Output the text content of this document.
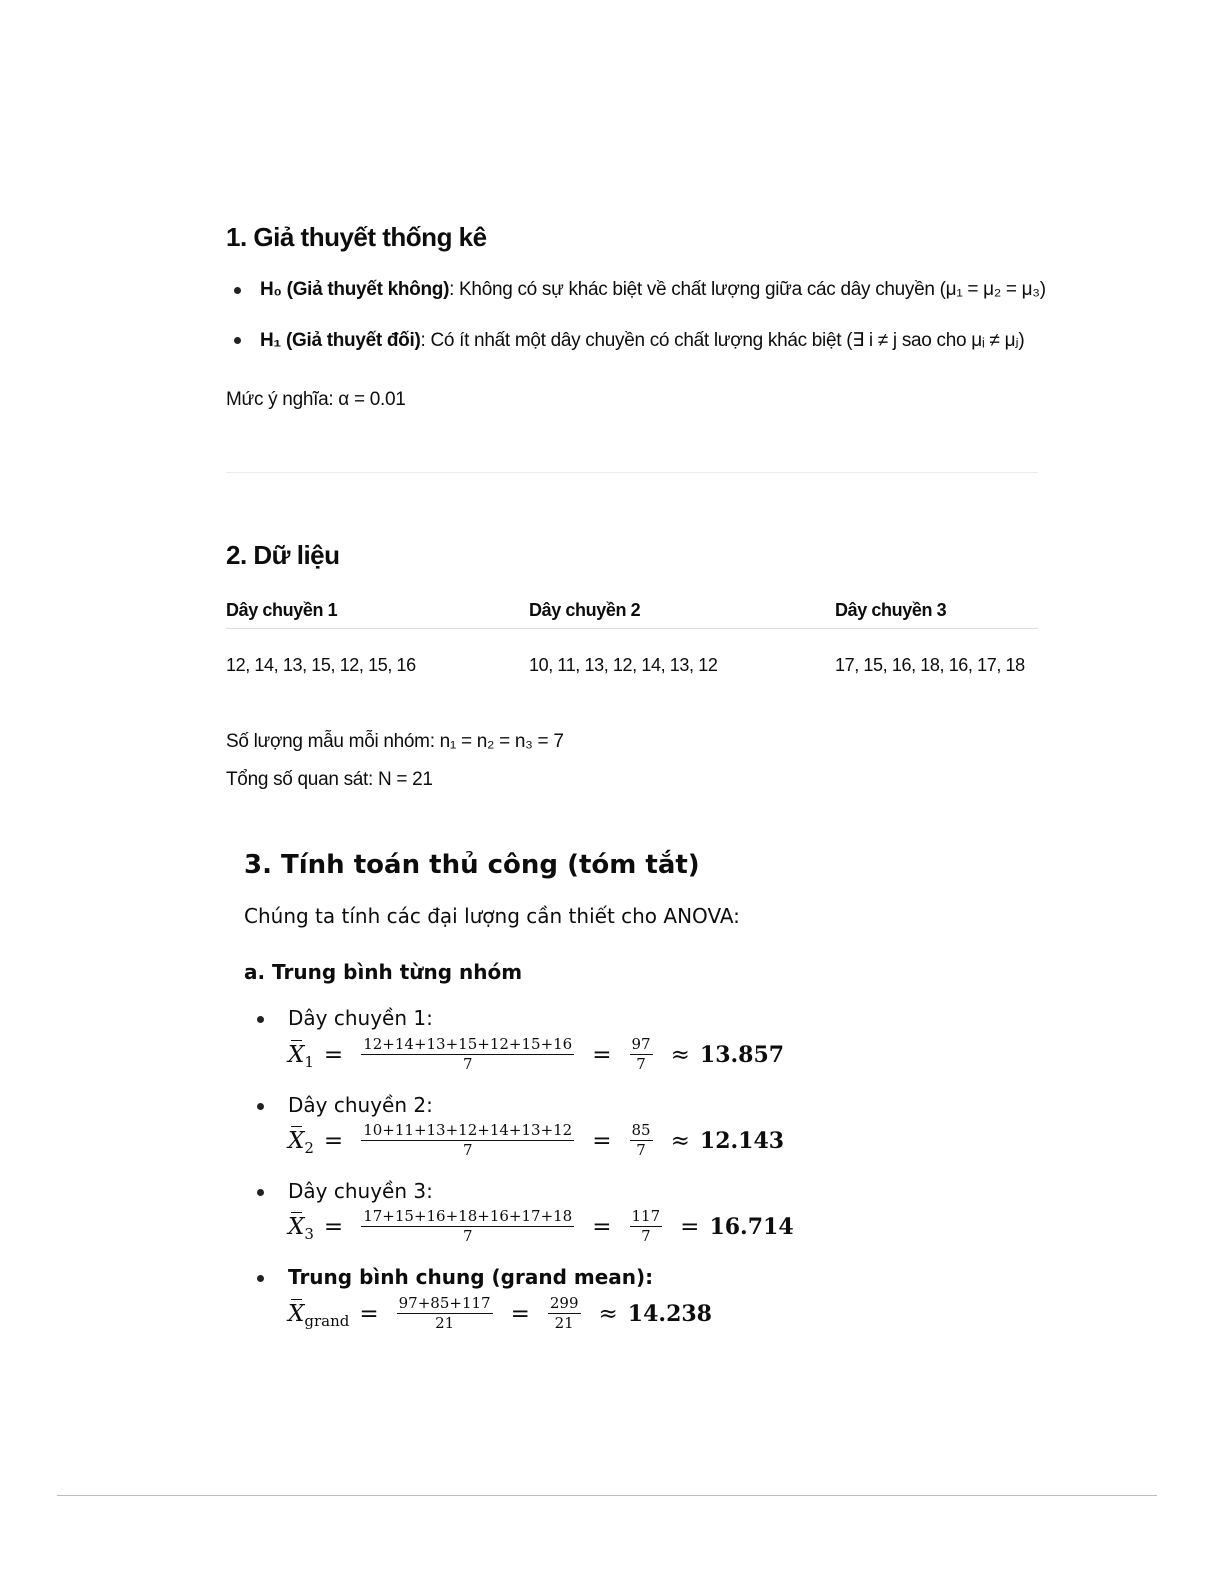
1. Giả thuyết thống kê
H₀ (Giả thuyết không): Không có sự khác biệt về chất lượng giữa các dây chuyền (μ₁ = μ₂ = μ₃)
H₁ (Giả thuyết đối): Có ít nhất một dây chuyền có chất lượng khác biệt (∃ i ≠ j sao cho μᵢ ≠ μⱼ)
Mức ý nghĩa: α = 0.01
2. Dữ liệu
Dây chuyền 1	Dây chuyền 2	Dây chuyền 3
12, 14, 13, 15, 12, 15, 16	10, 11, 13, 12, 14, 13, 12	17, 15, 16, 18, 16, 17, 18
Số lượng mẫu mỗi nhóm: n₁ = n₂ = n₃ = 7
Tổng số quan sát: N = 21
3. Tính toán thủ công (tóm tắt)
Chúng ta tính các đại lượng cần thiết cho ANOVA:
a. Trung bình từng nhóm
Dây chuyền 1:
X $1 = \frac{12+14+13+15+12+15+16}{7} = \frac{97}{7} \approx 13.857$
Dây chuyền 2:
X $2 = \frac{10+11+13+12+14+13+12}{7} = \frac{85}{7} \approx 12.143$
Dây chuyền 3:
X $3 = \frac{17+15+16+18+16+17+18}{7} = \frac{117}{7} = 16.714$
Trung bình chung (grand mean):
X grand = $\frac{97+85+117}{21} = \frac{299}{21} \approx 14.238$
